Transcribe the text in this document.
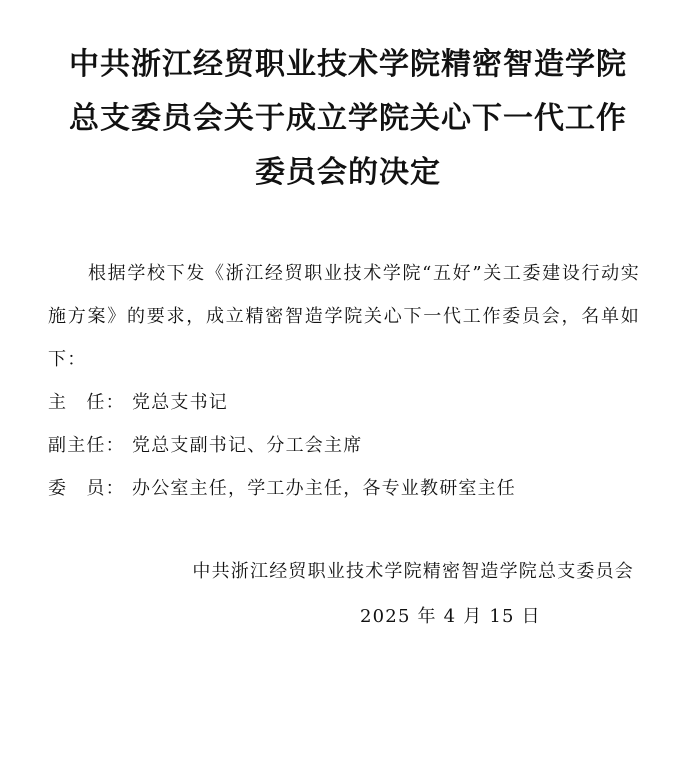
中共浙江经贸职业技术学院精密智造学院
总支委员会关于成立学院关心下一代工作
委员会的决定

根据学校下发《浙江经贸职业技术学院“五好”关工委建设行动实施方案》的要求，成立精密智造学院关心下一代工作委员会，名单如下：

主　任： 党总支书记

副主任： 党总支副书记、分工会主席

委　员： 办公室主任，学工办主任，各专业教研室主任

中共浙江经贸职业技术学院精密智造学院总支委员会
2025 年 4 月 15 日
